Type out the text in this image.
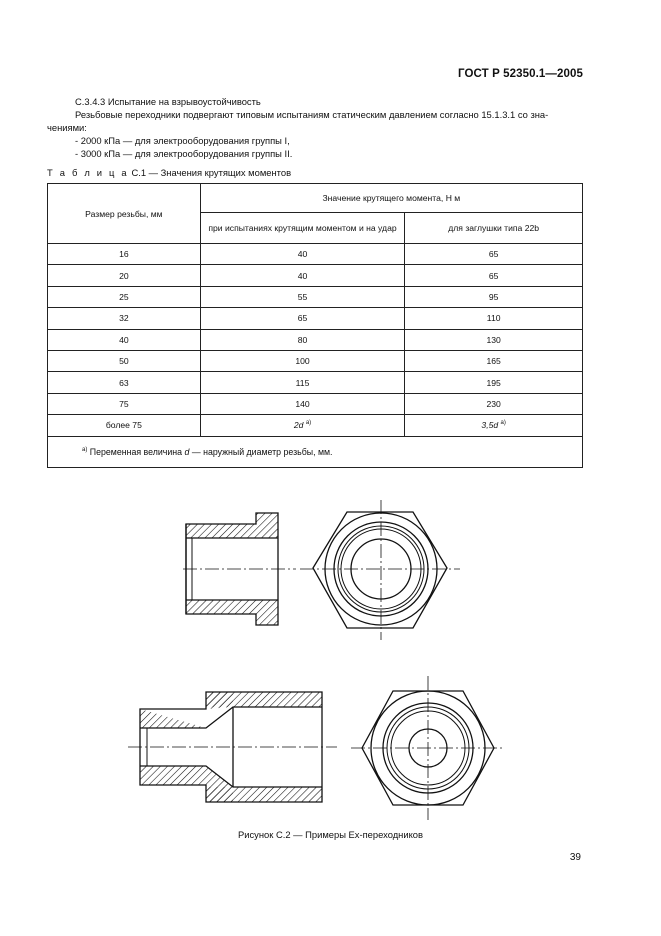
ГОСТ Р 52350.1—2005
С.3.4.3 Испытание на взрывоустойчивость
Резьбовые переходники подвергают типовым испытаниям статическим давлением согласно 15.1.3.1 со зна-
чениями:
- 2000 кПа — для электрооборудования группы I,
- 3000 кПа — для электрооборудования группы II.
Т а б л и ц а С.1 — Значения крутящих моментов
Размер резьбы, мм	Значение крутящего момента, Н м	
	при испытаниях крутящим моментом и на удар	для заглушки типа 22b
16	40	65
20	40	65
25	55	95
32	65	110
40	80	130
50	100	165
63	115	195
75	140	230
более 75	2d $^{а)}$	3,5d $^{а)}$
$^{а)}$ Переменная величина d — наружный диаметр резьбы, мм.		
Рисунок С.2 — Примеры Ех-переходников
39
